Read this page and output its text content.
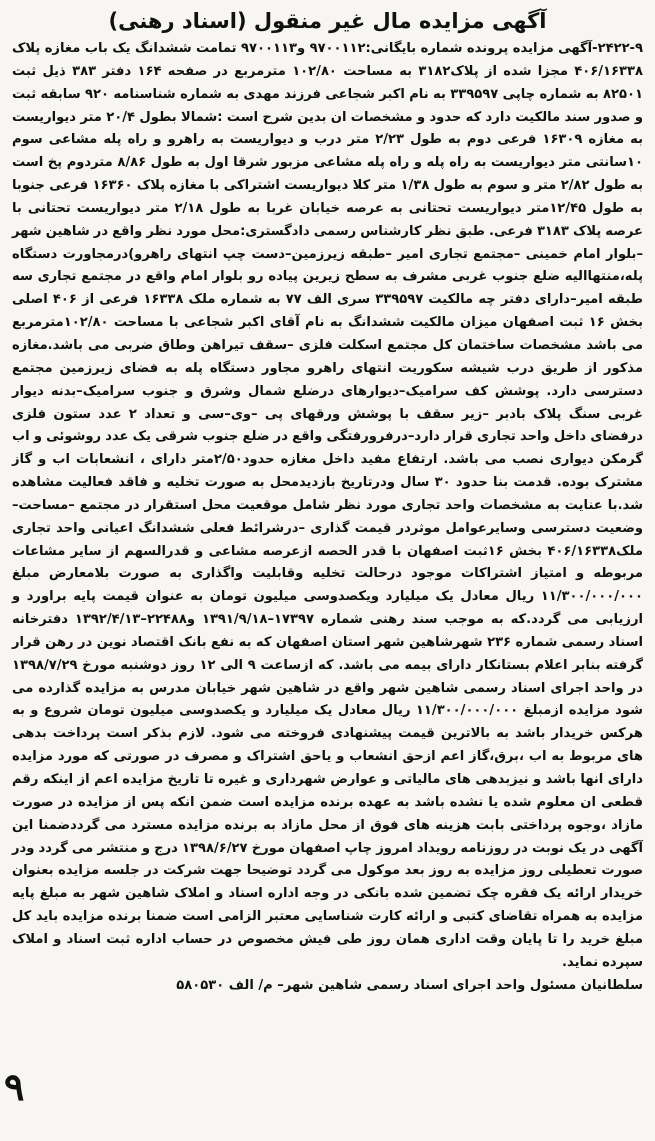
آگهی مزایده مال غیر منقول (اسناد رهنی)

۲۴۲۲-۹-آگهی مزایده پرونده شماره بایگانی:۹۷۰۰۱۱۲ و۹۷۰۰۱۱۳ تمامت ششدانگ یک باب مغازه پلاک ۴۰۶/۱۶۳۳۸ مجزا شده از پلاک۳۱۸۲ به مساحت ۱۰۲/۸۰ مترمربع در صفحه ۱۶۴ دفتر ۳۸۳ ذیل ثبت ۸۲۵۰۱ به شماره چاپی ۳۳۹۵۹۷ به نام اکبر شجاعی فرزند مهدی به شماره شناسنامه ۹۲۰ سابقه ثبت و صدور سند مالکیت دارد که حدود و مشخصات ان بدین شرح است :شمالا بطول ۲۰/۴ متر دیواریست به مغازه ۱۶۳۰۹ فرعی دوم به طول ۲/۲۳ متر درب و دیواریست به راهرو و راه پله مشاعی سوم ۱۰سانتی متر دیواریست به راه پله و راه پله مشاعی مزبور شرقا اول به طول ۸/۸۶ متردوم پخ است به طول ۲/۸۲ متر و سوم به طول ۱/۳۸ متر کلا دیواریست اشتراکی با مغازه پلاک ۱۶۳۶۰ فرعی جنوبا به طول ۱۲/۴۵متر دیواریست تحتانی به عرصه خیابان غربا به طول ۲/۱۸ متر دیواریست تحتانی با عرصه پلاک ۳۱۸۳ فرعی. طبق نظر کارشناس رسمی دادگستری:محل مورد نظر واقع در شاهین شهر –بلوار امام خمینی –مجتمع تجاری امیر –طبقه زیرزمین–دست چپ انتهای راهرو)درمجاورت دستگاه پله،منتهاالیه ضلع جنوب غربی مشرف به سطح زیرین پیاده رو بلوار امام واقع در مجتمع تجاری سه طبقه امیر–دارای دفتر چه مالکیت ۳۳۹۵۹۷ سری الف ۷۷ به شماره ملک ۱۶۳۳۸ فرعی از ۴۰۶ اصلی بخش ۱۶ ثبت اصفهان میزان مالکیت ششدانگ به نام آقای اکبر شجاعی با مساحت ۱۰۲/۸۰مترمربع می باشد مشخصات ساختمان کل مجتمع اسکلت فلزی –سقف تیراهن وطاق ضربی می باشد.مغازه مذکور از طریق درب شیشه سکوریت انتهای راهرو مجاور دستگاه پله به فضای زیرزمین مجتمع دسترسی دارد. پوشش کف سرامیک–دیوارهای درضلع شمال وشرق و جنوب سرامیک–بدنه دیوار غربی سنگ پلاک بادبر –زیر سقف با پوشش ورقهای پی –وی–سی و تعداد ۲ عدد ستون فلزی درفضای داخل واحد تجاری قرار دارد–درفرورفتگی واقع در ضلع جنوب شرقی یک عدد روشوئی و اب گرمکن دیواری نصب می باشد. ارتفاع مفید داخل مغازه حدود۲/۵۰متر دارای ، انشعابات اب و گاز مشترک بوده. قدمت بنا حدود ۳۰ سال ودرتاریخ بازدیدمحل به صورت تخلیه و فاقد فعالیت مشاهده شد.با عنایت به مشخصات واحد تجاری مورد نظر شامل موقعیت محل استقرار در مجتمع –مساحت–وضعیت دسترسی وسایرعوامل موثردر قیمت گذاری –درشرائط فعلی ششدانگ اعیانی واحد تجاری ملک۴۰۶/۱۶۳۳۸ بخش ۱۶ثبت اصفهان با قدر الحصه ازعرصه مشاعی و قدرالسهم از سایر مشاعات مربوطه و امتیاز اشتراکات موجود درحالت تخلیه وقابلیت واگذاری به صورت بلامعارض مبلغ ۱۱/۳۰۰/۰۰۰/۰۰۰ ریال معادل یک میلیارد ویکصدوسی میلیون تومان به عنوان قیمت پایه براورد و ارزیابی می گردد.که به موجب سند رهنی شماره ۱۷۳۹۷–۱۳۹۱/۹/۱۸ و۲۲۴۸۸–۱۳۹۲/۴/۱۳ دفترخانه اسناد رسمی شماره ۲۳۶ شهرشاهین شهر استان اصفهان که به نفع بانک اقتصاد نوین در رهن قرار گرفته بنابر اعلام بستانکار دارای بیمه می باشد. که ازساعت ۹ الی ۱۲ روز دوشنبه مورخ ۱۳۹۸/۷/۲۹ در واحد اجرای اسناد رسمی شاهین شهر واقع در شاهین شهر خیابان مدرس به مزایده گذارده می شود مزایده ازمبلغ ۱۱/۳۰۰/۰۰۰/۰۰۰ ریال معادل یک میلیارد و یکصدوسی میلیون تومان شروع و به هرکس خریدار باشد به بالاترین قیمت پیشنهادی فروخته می شود. لازم بذکر است پرداخت بدهی های مربوط به اب ،برق،گاز اعم ازحق انشعاب و یاحق اشتراک و مصرف در صورتی که مورد مزایده دارای انها باشد و نیزبدهی های مالیاتی و عوارض شهرداری و غیره تا تاریخ مزایده اعم از اینکه رقم قطعی ان معلوم شده یا نشده باشد به عهده برنده مزایده است ضمن انکه پس از مزایده در صورت مازاد ،وجوه پرداختی بابت هزینه های فوق از محل مازاد به برنده مزایده مسترد می گرددضمنا این آگهی در یک نوبت در روزنامه رویداد امروز چاپ اصفهان مورخ ۱۳۹۸/۶/۲۷ درج و منتشر می گردد ودر صورت تعطیلی روز مزایده به روز بعد موکول می گردد توضیحا جهت شرکت در جلسه مزایده بعنوان خریدار ارائه یک فقره چک تضمین شده بانکی در وجه اداره اسناد و املاک شاهین شهر به مبلغ پایه مزایده به همراه تقاضای کتبی و ارائه کارت شناسایی معتبر الزامی است ضمنا برنده مزایده باید کل مبلغ خرید را تا پایان وقت اداری همان روز طی فیش مخصوص در حساب اداره ثبت اسناد و املاک سپرده نماید.

سلطانیان مسئول واحد اجرای اسناد رسمی شاهین شهر– م/ الف ۵۸۰۵۳۰

۹
